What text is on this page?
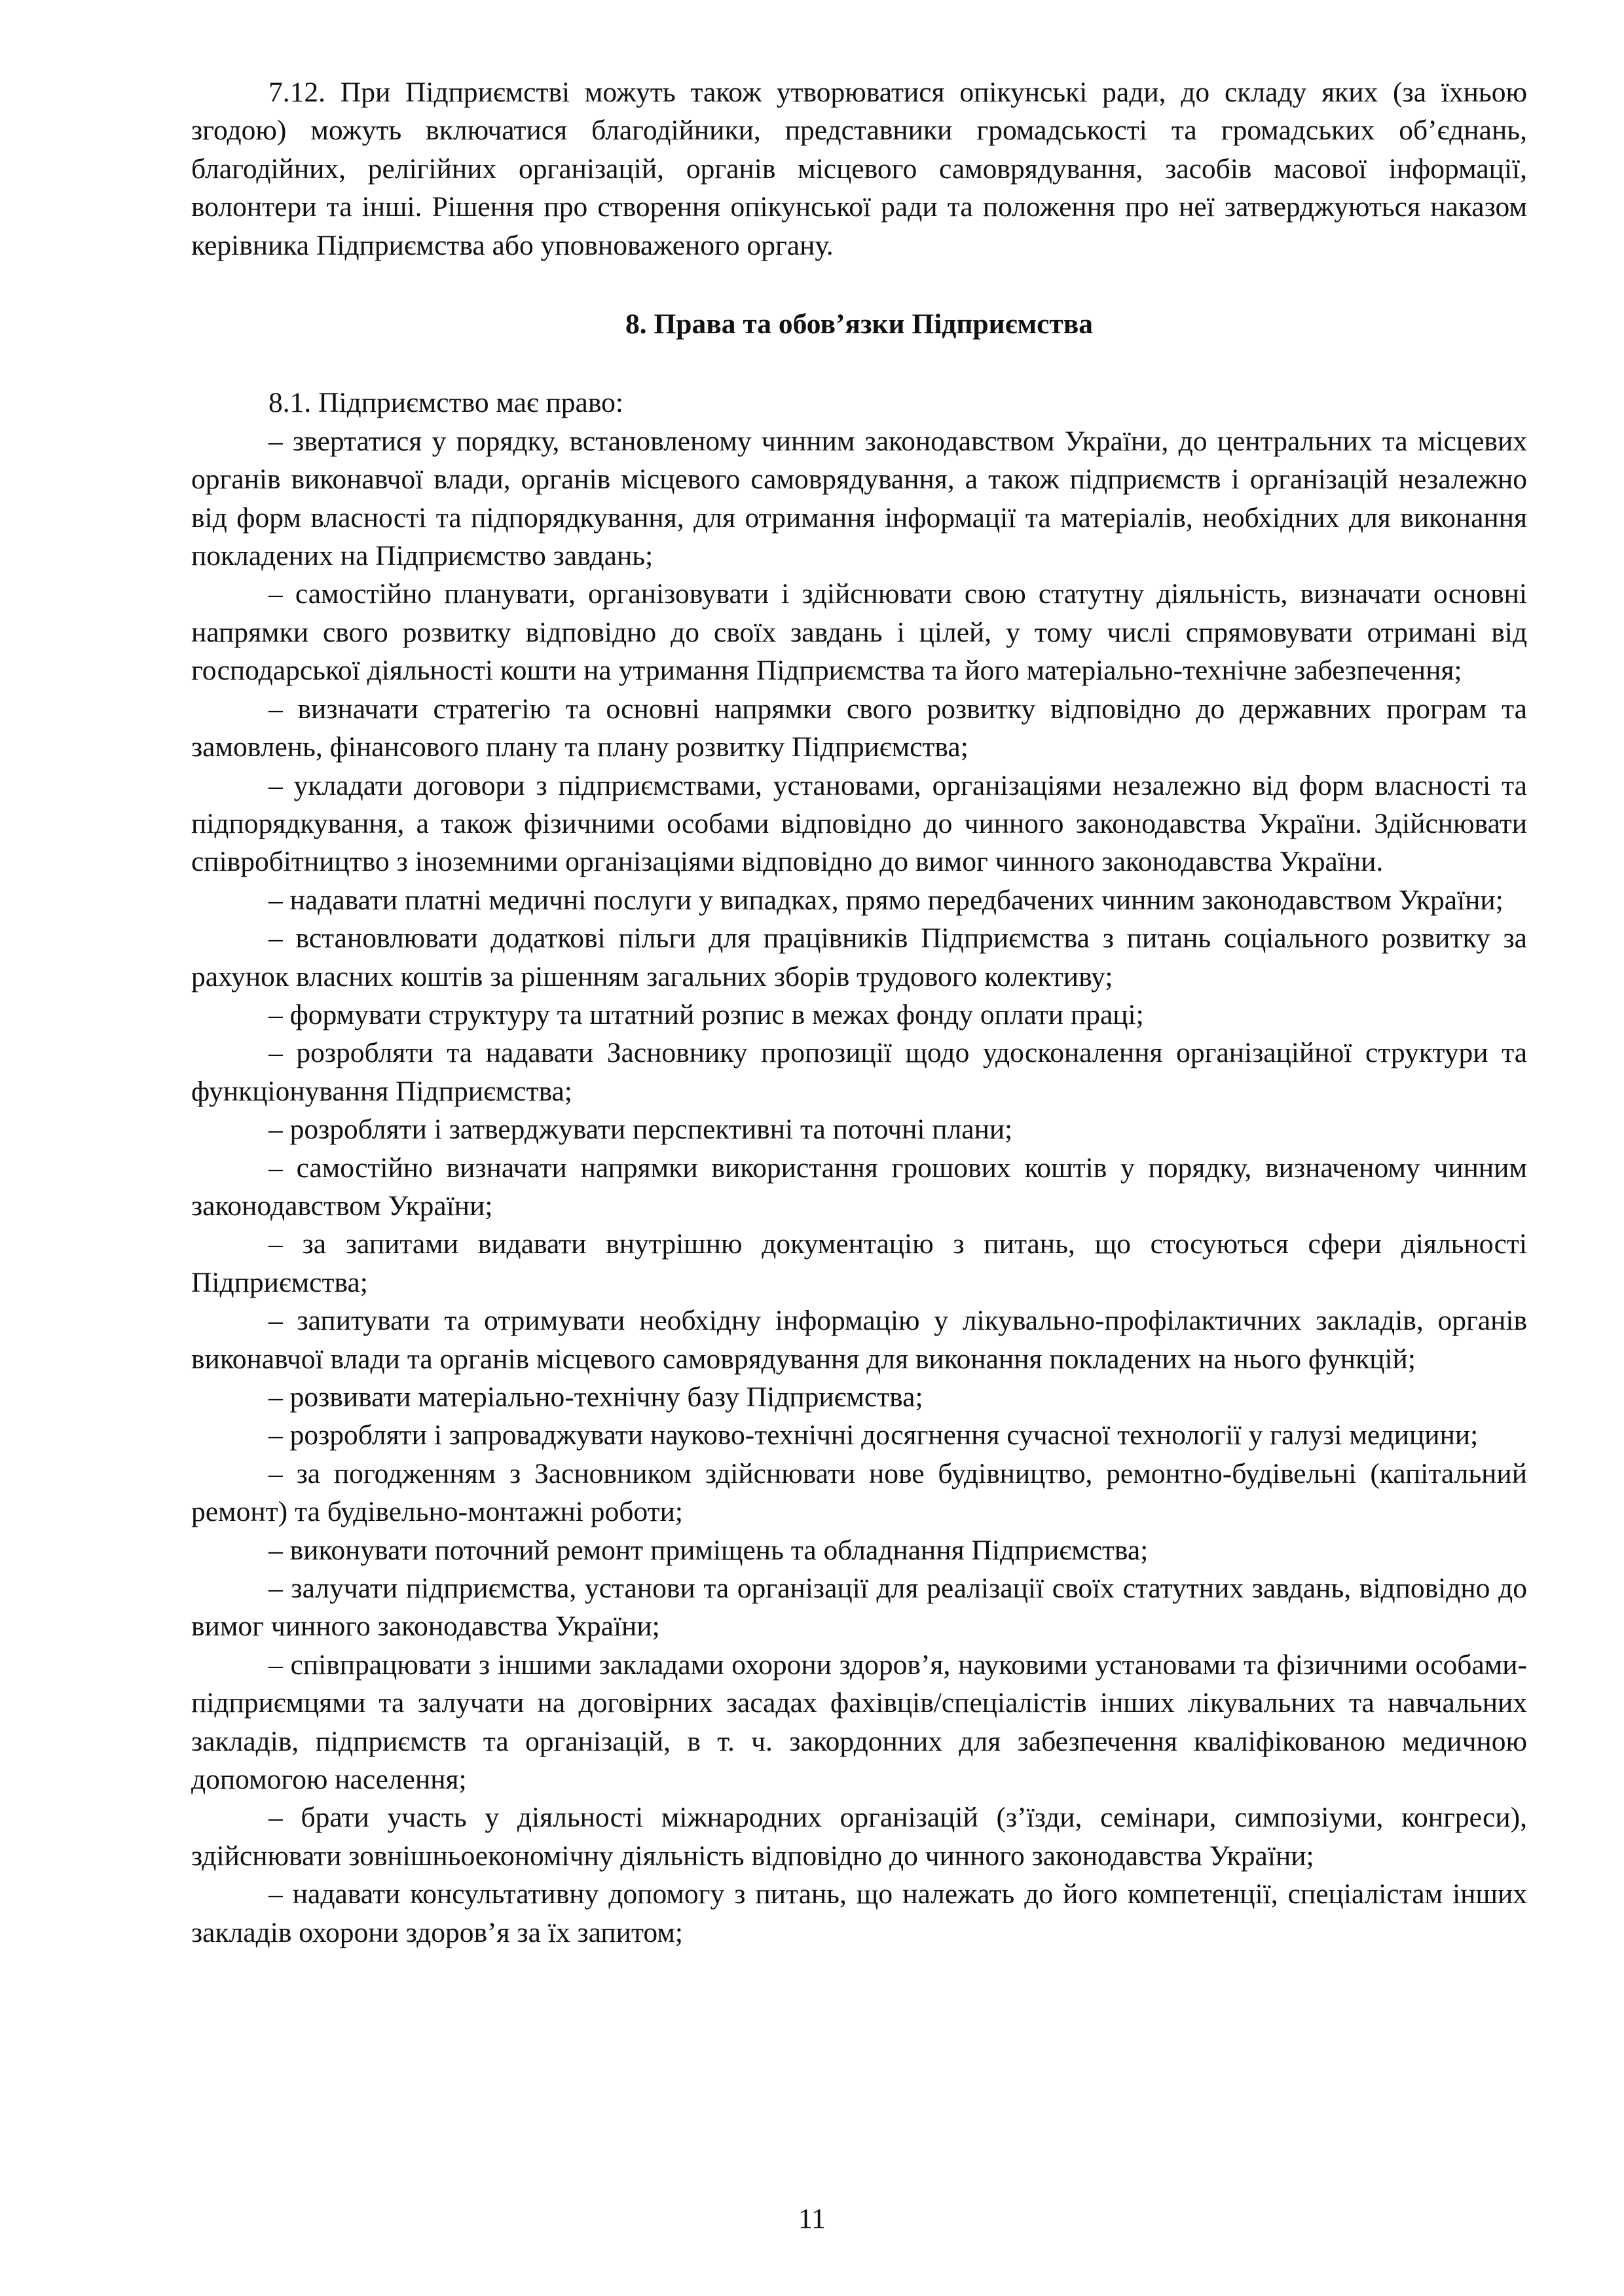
7.12. При Підприємстві можуть також утворюватися опікунські ради, до складу яких (за їхньою згодою) можуть включатися благодійники, представники громадськості та громадських об’єднань, благодійних, релігійних організацій, органів місцевого самоврядування, засобів масової інформації, волонтери та інші. Рішення про створення опікунської ради та положення про неї затверджуються наказом керівника Підприємства або уповноваженого органу.

8. Права та обов’язки Підприємства

8.1. Підприємство має право:

– звертатися у порядку, встановленому чинним законодавством України, до центральних та місцевих органів виконавчої влади, органів місцевого самоврядування, а також підприємств і організацій незалежно від форм власності та підпорядкування, для отримання інформації та матеріалів, необхідних для виконання покладених на Підприємство завдань;

– самостійно планувати, організовувати і здійснювати свою статутну діяльність, визначати основні напрямки свого розвитку відповідно до своїх завдань і цілей, у тому числі спрямовувати отримані від господарської діяльності кошти на утримання Підприємства та його матеріально-технічне забезпечення;

– визначати стратегію та основні напрямки свого розвитку відповідно до державних програм та замовлень, фінансового плану та плану розвитку Підприємства;

– укладати договори з підприємствами, установами, організаціями незалежно від форм власності та підпорядкування, а також фізичними особами відповідно до чинного законодавства України. Здійснювати співробітництво з іноземними організаціями відповідно до вимог чинного законодавства України.

– надавати платні медичні послуги у випадках, прямо передбачених чинним законодавством України;

– встановлювати додаткові пільги для працівників Підприємства з питань соціального розвитку за рахунок власних коштів за рішенням загальних зборів трудового колективу;

– формувати структуру та штатний розпис в межах фонду оплати праці;

– розробляти та надавати Засновнику пропозиції щодо удосконалення організаційної структури та функціонування Підприємства;

– розробляти і затверджувати перспективні та поточні плани;

– самостійно визначати напрямки використання грошових коштів у порядку, визначеному чинним законодавством України;

– за запитами видавати внутрішню документацію з питань, що стосуються сфери діяльності Підприємства;

– запитувати та отримувати необхідну інформацію у лікувально-профілактичних закладів, органів виконавчої влади та органів місцевого самоврядування для виконання покладених на нього функцій;

– розвивати матеріально-технічну базу Підприємства;

– розробляти і запроваджувати науково-технічні досягнення сучасної технології у галузі медицини;

– за погодженням з Засновником здійснювати нове будівництво, ремонтно-будівельні (капітальний ремонт) та будівельно-монтажні роботи;

– виконувати поточний ремонт приміщень та обладнання Підприємства;

– залучати підприємства, установи та організації для реалізації своїх статутних завдань, відповідно до вимог чинного законодавства України;

– співпрацювати з іншими закладами охорони здоров’я, науковими установами та фізичними особами-підприємцями та залучати на договірних засадах фахівців/спеціалістів інших лікувальних та навчальних закладів, підприємств та організацій, в т. ч. закордонних для забезпечення кваліфікованою медичною допомогою населення;

– брати участь у діяльності міжнародних організацій (з’їзди, семінари, симпозіуми, конгреси), здійснювати зовнішньоекономічну діяльність відповідно до чинного законодавства України;

– надавати консультативну допомогу з питань, що належать до його компетенції, спеціалістам інших закладів охорони здоров’я за їх запитом;

11
